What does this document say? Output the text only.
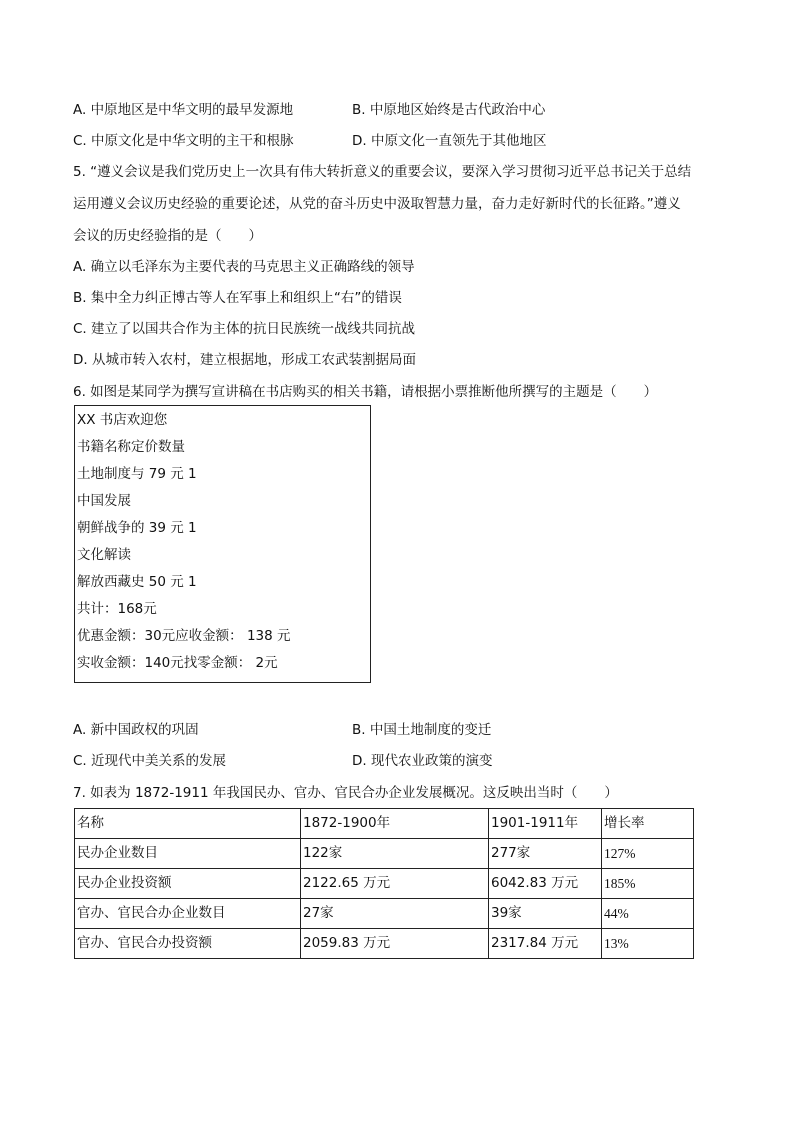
A. 中原地区是中华文明的最早发源地	B. 中原地区始终是古代政治中心
C. 中原文化是中华文明的主干和根脉	D. 中原文化一直领先于其他地区
5. “遵义会议是我们党历史上一次具有伟大转折意义的重要会议，要深入学习贯彻习近平总书记关于总结
运用遵义会议历史经验的重要论述，从党的奋斗历史中汲取智慧力量，奋力走好新时代的长征路。”遵义
会议的历史经验指的是（　　）
A. 确立以毛泽东为主要代表的马克思主义正确路线的领导
B. 集中全力纠正博古等人在军事上和组织上“右”的错误
C. 建立了以国共合作为主体的抗日民族统一战线共同抗战
D. 从城市转入农村，建立根据地，形成工农武装割据局面
6. 如图是某同学为撰写宣讲稿在书店购买的相关书籍，请根据小票推断他所撰写的主题是（　　）
XX 书店欢迎您
书籍名称定价数量
土地制度与 79 元 1
中国发展
朝鲜战争的 39 元 1
文化解读
解放西藏史 50 元 1
共计：168元
优惠金额：30元应收金额： 138 元
实收金额：140元找零金额： 2元
A. 新中国政权的巩固	B. 中国土地制度的变迁
C. 近现代中美关系的发展	D. 现代农业政策的演变
7. 如表为 1872-1911 年我国民办、官办、官民合办企业发展概况。这反映出当时（　　）
名称	1872-1900年	1901-1911年	增长率
民办企业数目	122家	277家	127%
民办企业投资额	2122.65 万元	6042.83 万元	185%
官办、官民合办企业数目	27家	39家	44%
官办、官民合办投资额	2059.83 万元	2317.84 万元	13%
